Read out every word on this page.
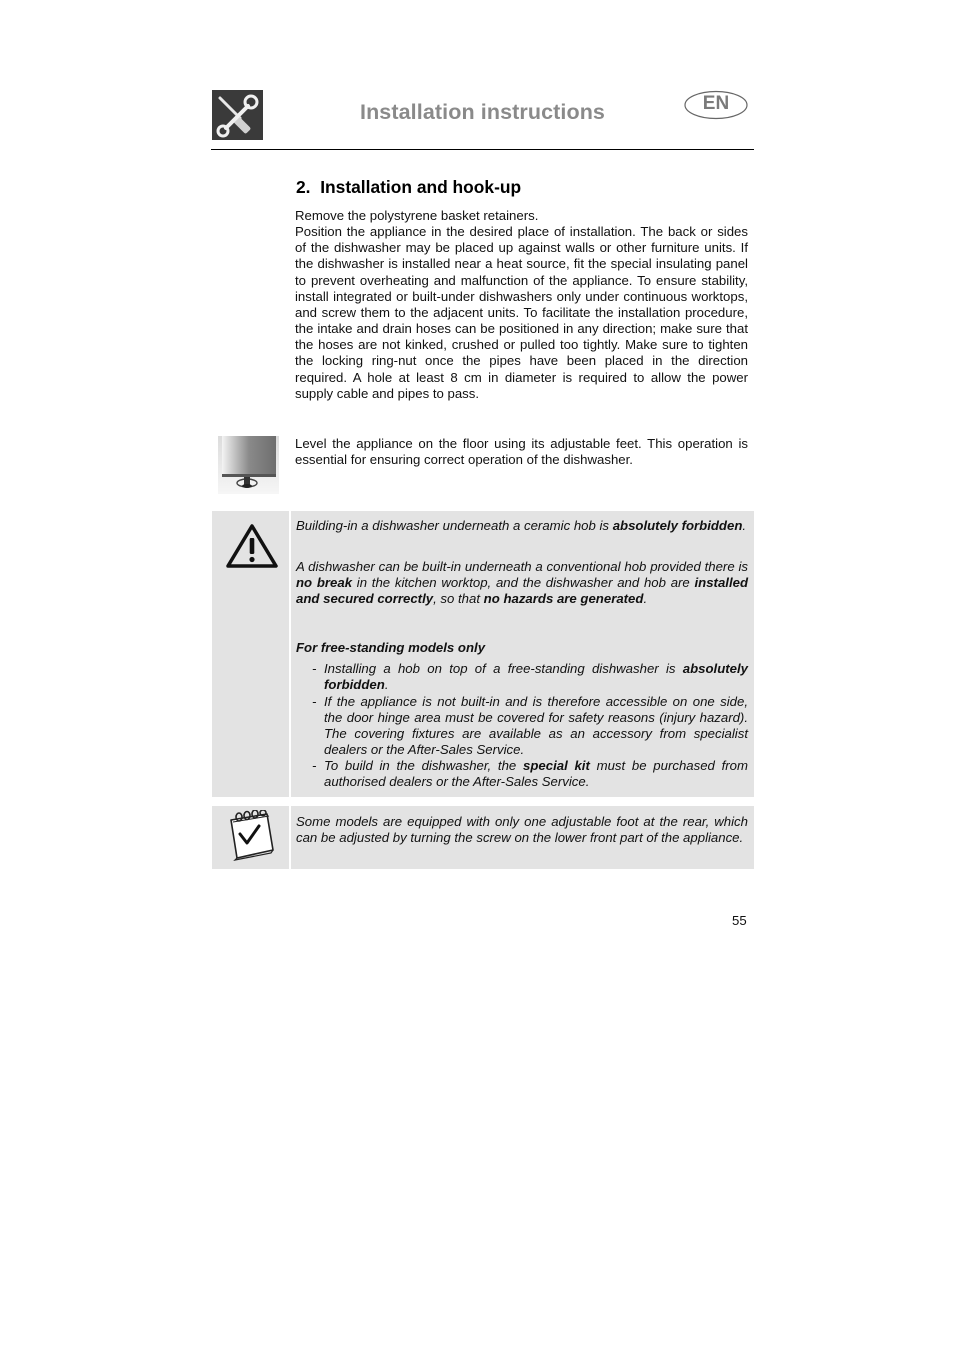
Installation instructions	EN
2. Installation and hook-up

Remove the polystyrene basket retainers.

Position the appliance in the desired place of installation. The back or sides of the dishwasher may be placed up against walls or other furniture units. If the dishwasher is installed near a heat source, fit the special insulating panel to prevent overheating and malfunction of the appliance. To ensure stability, install integrated or built-under dishwashers only under continuous worktops, and screw them to the adjacent units. To facilitate the installation procedure, the intake and drain hoses can be positioned in any direction; make sure that the hoses are not kinked, crushed or pulled too tightly. Make sure to tighten the locking ring-nut once the pipes have been placed in the direction required. A hole at least 8 cm in diameter is required to allow the power supply cable and pipes to pass.

Level the appliance on the floor using its adjustable feet. This operation is essential for ensuring correct operation of the dishwasher.

Building-in a dishwasher underneath a ceramic hob is absolutely forbidden.

A dishwasher can be built-in underneath a conventional hob provided there is no break in the kitchen worktop, and the dishwasher and hob are installed and secured correctly, so that no hazards are generated.

For free-standing models only
- Installing a hob on top of a free-standing dishwasher is absolutely forbidden.
- If the appliance is not built-in and is therefore accessible on one side, the door hinge area must be covered for safety reasons (injury hazard). The covering fixtures are available as an accessory from specialist dealers or the After-Sales Service.
- To build in the dishwasher, the special kit must be purchased from authorised dealers or the After-Sales Service.
Some models are equipped with only one adjustable foot at the rear, which can be adjusted by turning the screw on the lower front part of the appliance.
55
